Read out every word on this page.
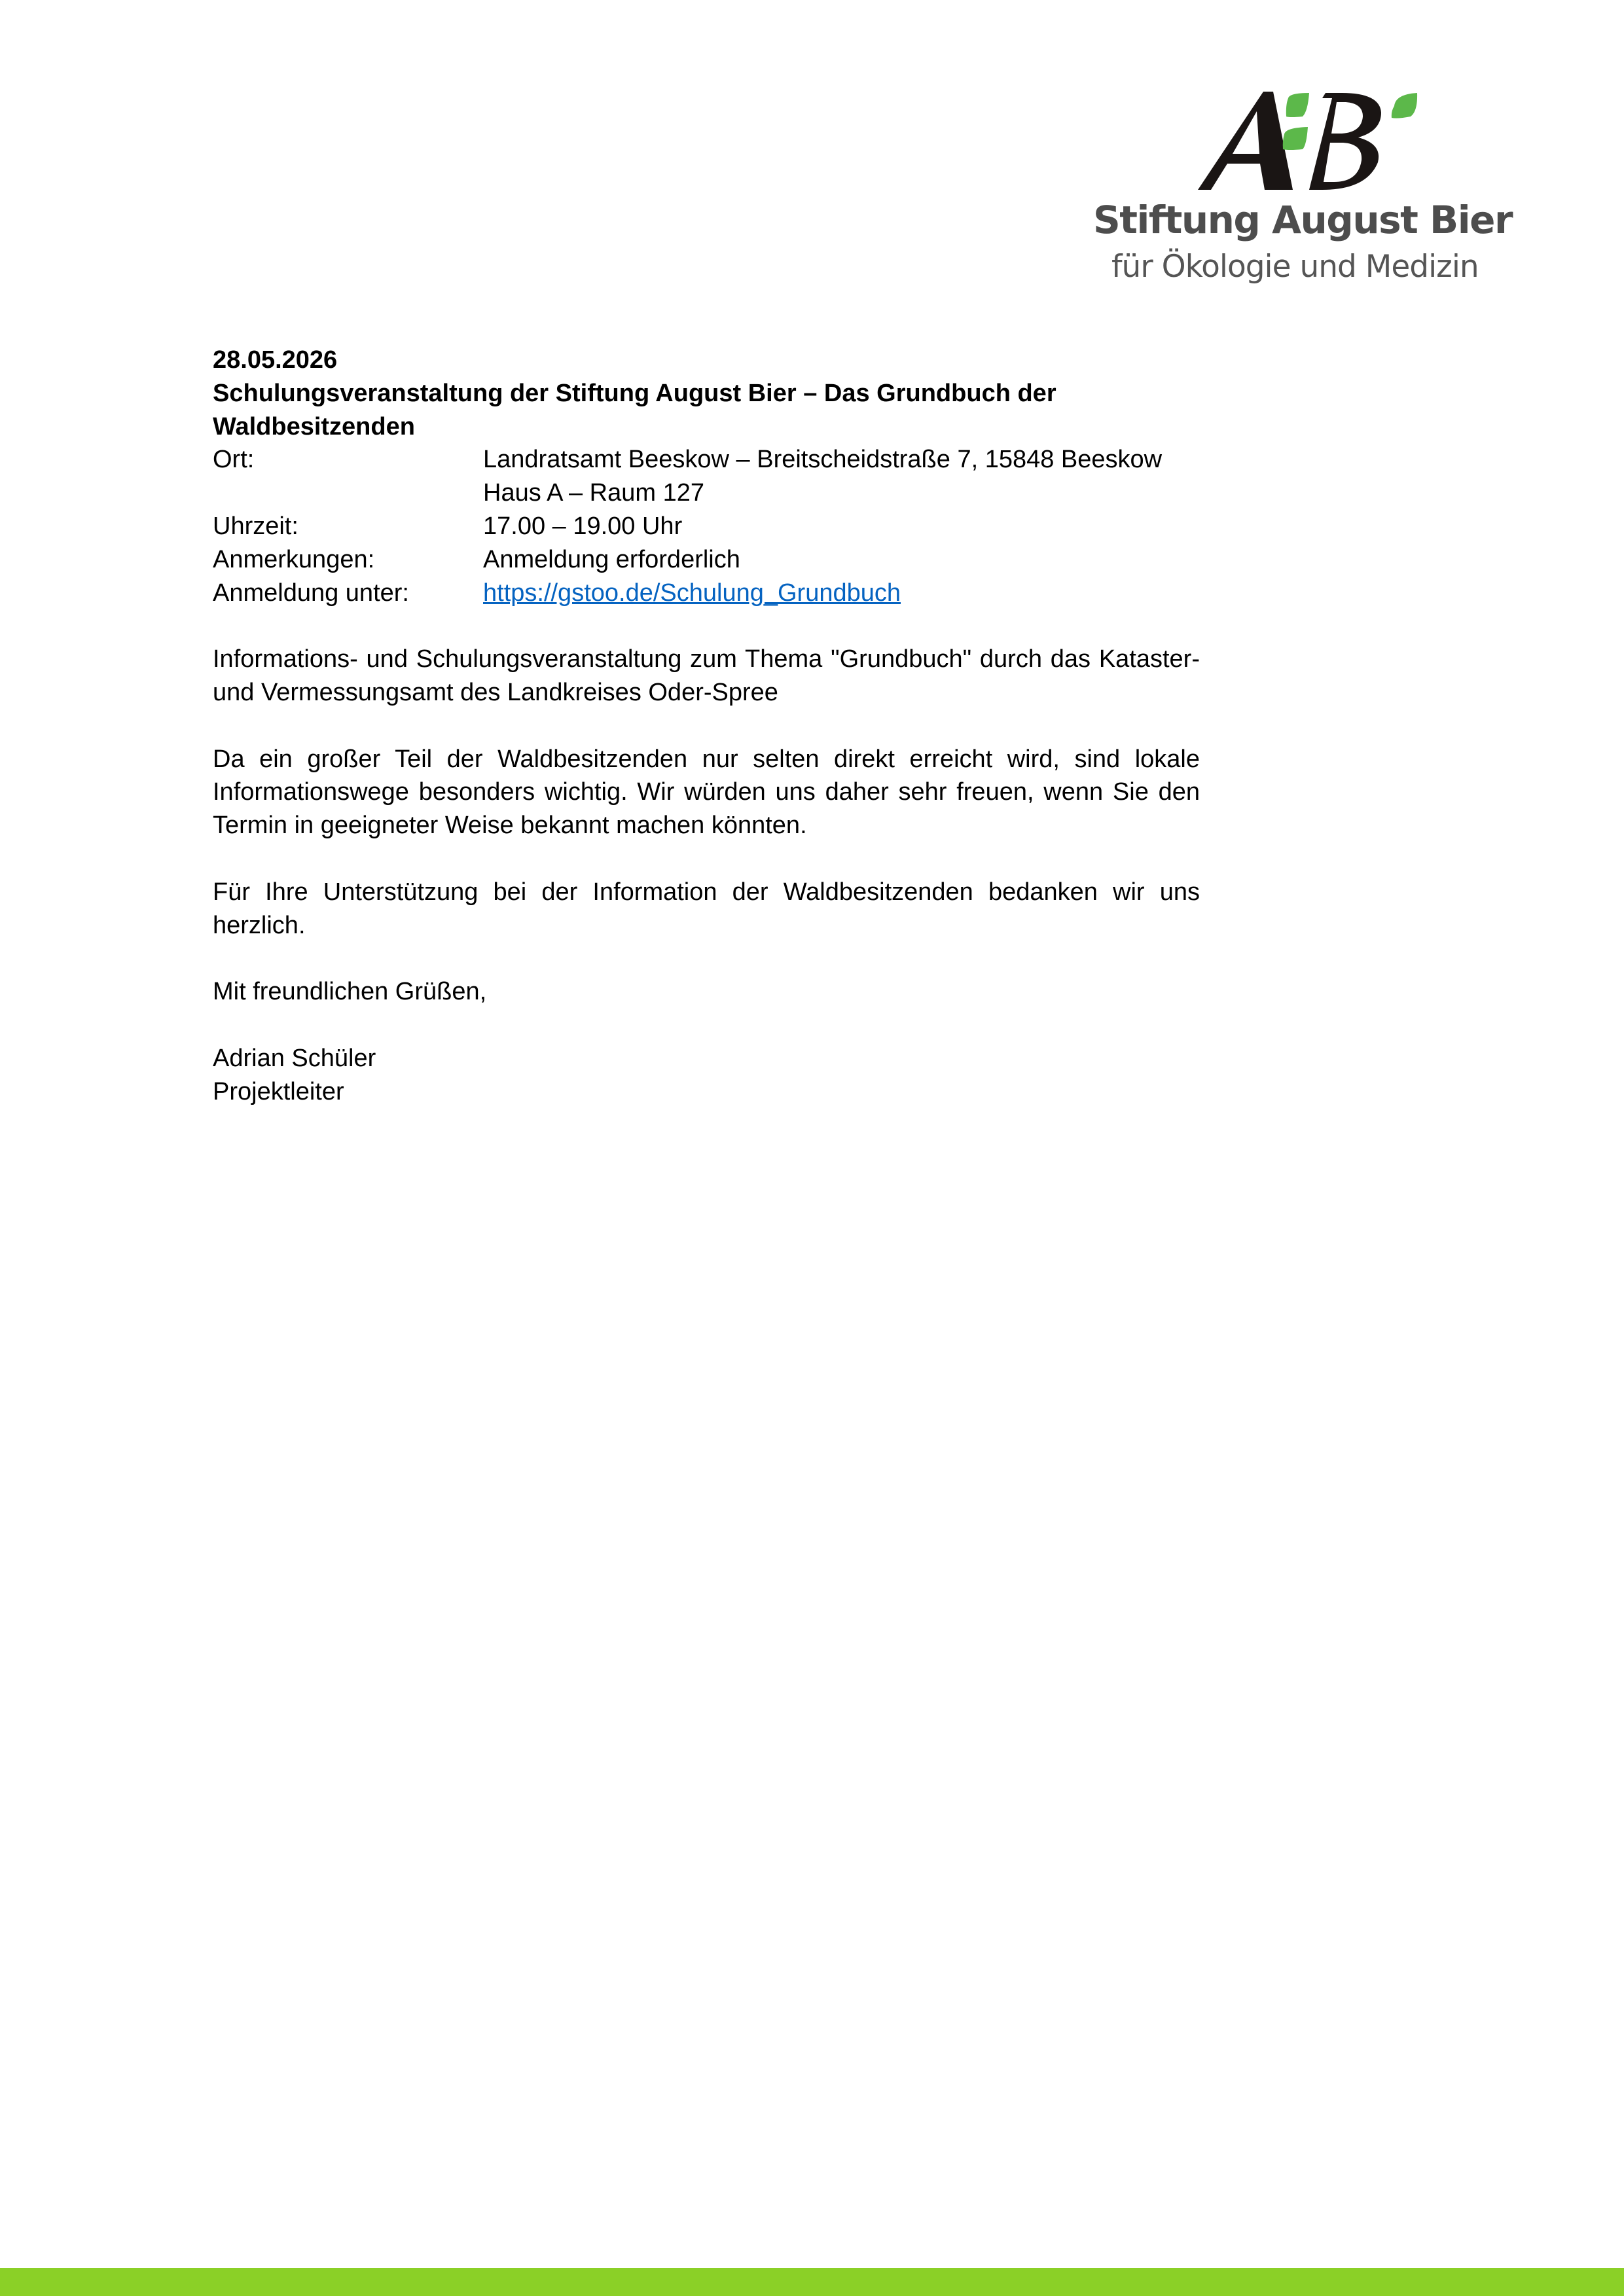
Stiftung August Bier
für Ökologie und Medizin
28.05.2026
Schulungsveranstaltung der Stiftung August Bier – Das Grundbuch der Waldbesitzenden
Ort:	Landratsamt Beeskow – Breitscheidstraße 7, 15848 Beeskow
Haus A – Raum 127
Uhrzeit:	17.00 – 19.00 Uhr
Anmerkungen:	Anmeldung erforderlich
Anmeldung unter:	https://gstoo.de/Schulung_Grundbuch
Informations- und Schulungsveranstaltung zum Thema "Grundbuch" durch das Kataster- und Vermessungsamt des Landkreises Oder-Spree
Da ein großer Teil der Waldbesitzenden nur selten direkt erreicht wird, sind lokale Informationswege besonders wichtig. Wir würden uns daher sehr freuen, wenn Sie den Termin in geeigneter Weise bekannt machen könnten.
Für Ihre Unterstützung bei der Information der Waldbesitzenden bedanken wir uns herzlich.
Mit freundlichen Grüßen,
Adrian Schüler
Projektleiter
